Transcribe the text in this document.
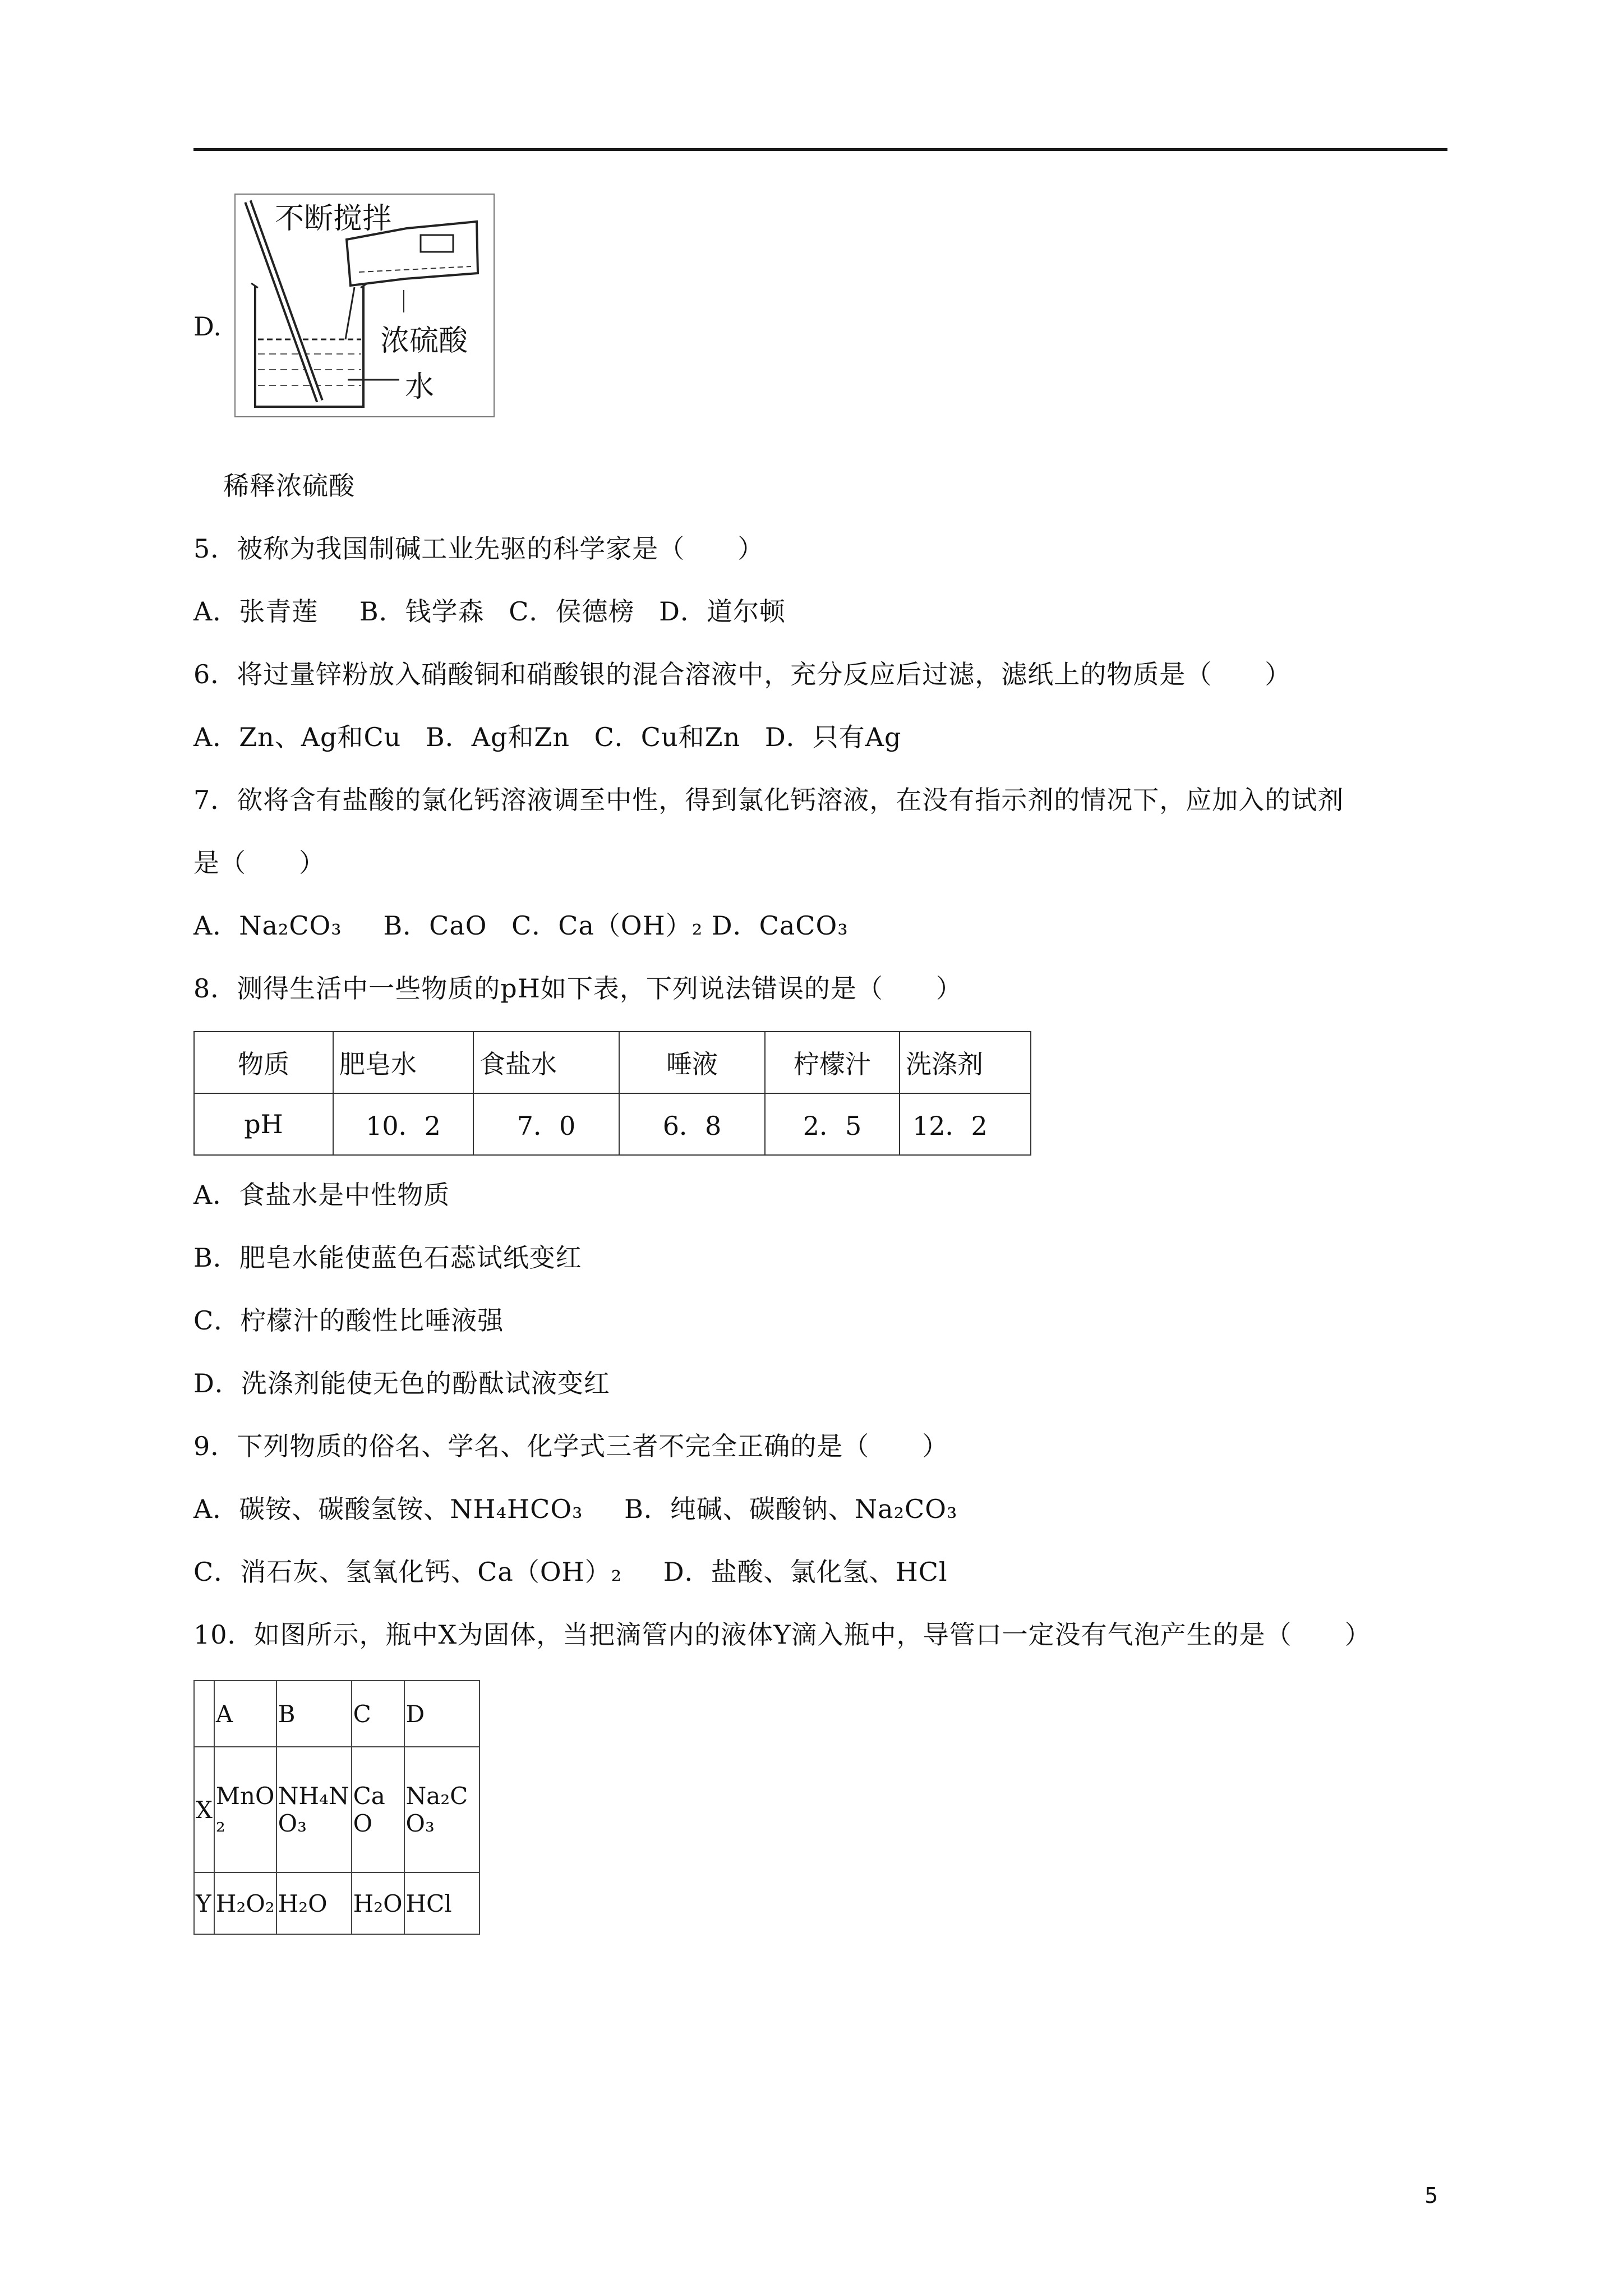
不断搅拌
浓硫酸
水
D.
稀释浓硫酸
5．被称为我国制碱工业先驱的科学家是（　　）
A．张青莲 B．钱学森 C．侯德榜 D．道尔顿
6．将过量锌粉放入硝酸铜和硝酸银的混合溶液中，充分反应后过滤，滤纸上的物质是（　　）
A．Zn、Ag和Cu B．Ag和Zn C．Cu和Zn D．只有Ag
7．欲将含有盐酸的氯化钙溶液调至中性，得到氯化钙溶液，在没有指示剂的情况下，应加入的试剂
是（　　）
A．Na₂CO₃ B．CaO C．Ca（OH）₂ D．CaCO₃
8．测得生活中一些物质的pH如下表，下列说法错误的是（　　）
物质	肥皂水	食盐水	唾液	柠檬汁	洗涤剂
pH	10．2	7．0	6．8	2．5	12．2
A．食盐水是中性物质
B．肥皂水能使蓝色石蕊试纸变红
C．柠檬汁的酸性比唾液强
D．洗涤剂能使无色的酚酞试液变红
9．下列物质的俗名、学名、化学式三者不完全正确的是（　　）
A．碳铵、碳酸氢铵、NH₄HCO₃ B．纯碱、碳酸钠、Na₂CO₃
C．消石灰、氢氧化钙、Ca（OH）₂ D．盐酸、氯化氢、HCl
10．如图所示，瓶中X为固体，当把滴管内的液体Y滴入瓶中，导管口一定没有气泡产生的是（　　）
	A	B	C	D
X	MnO₂	NH₄NO₃	CaO	Na₂CO₃
Y	H₂O₂	H₂O	H₂O	HCl
5
